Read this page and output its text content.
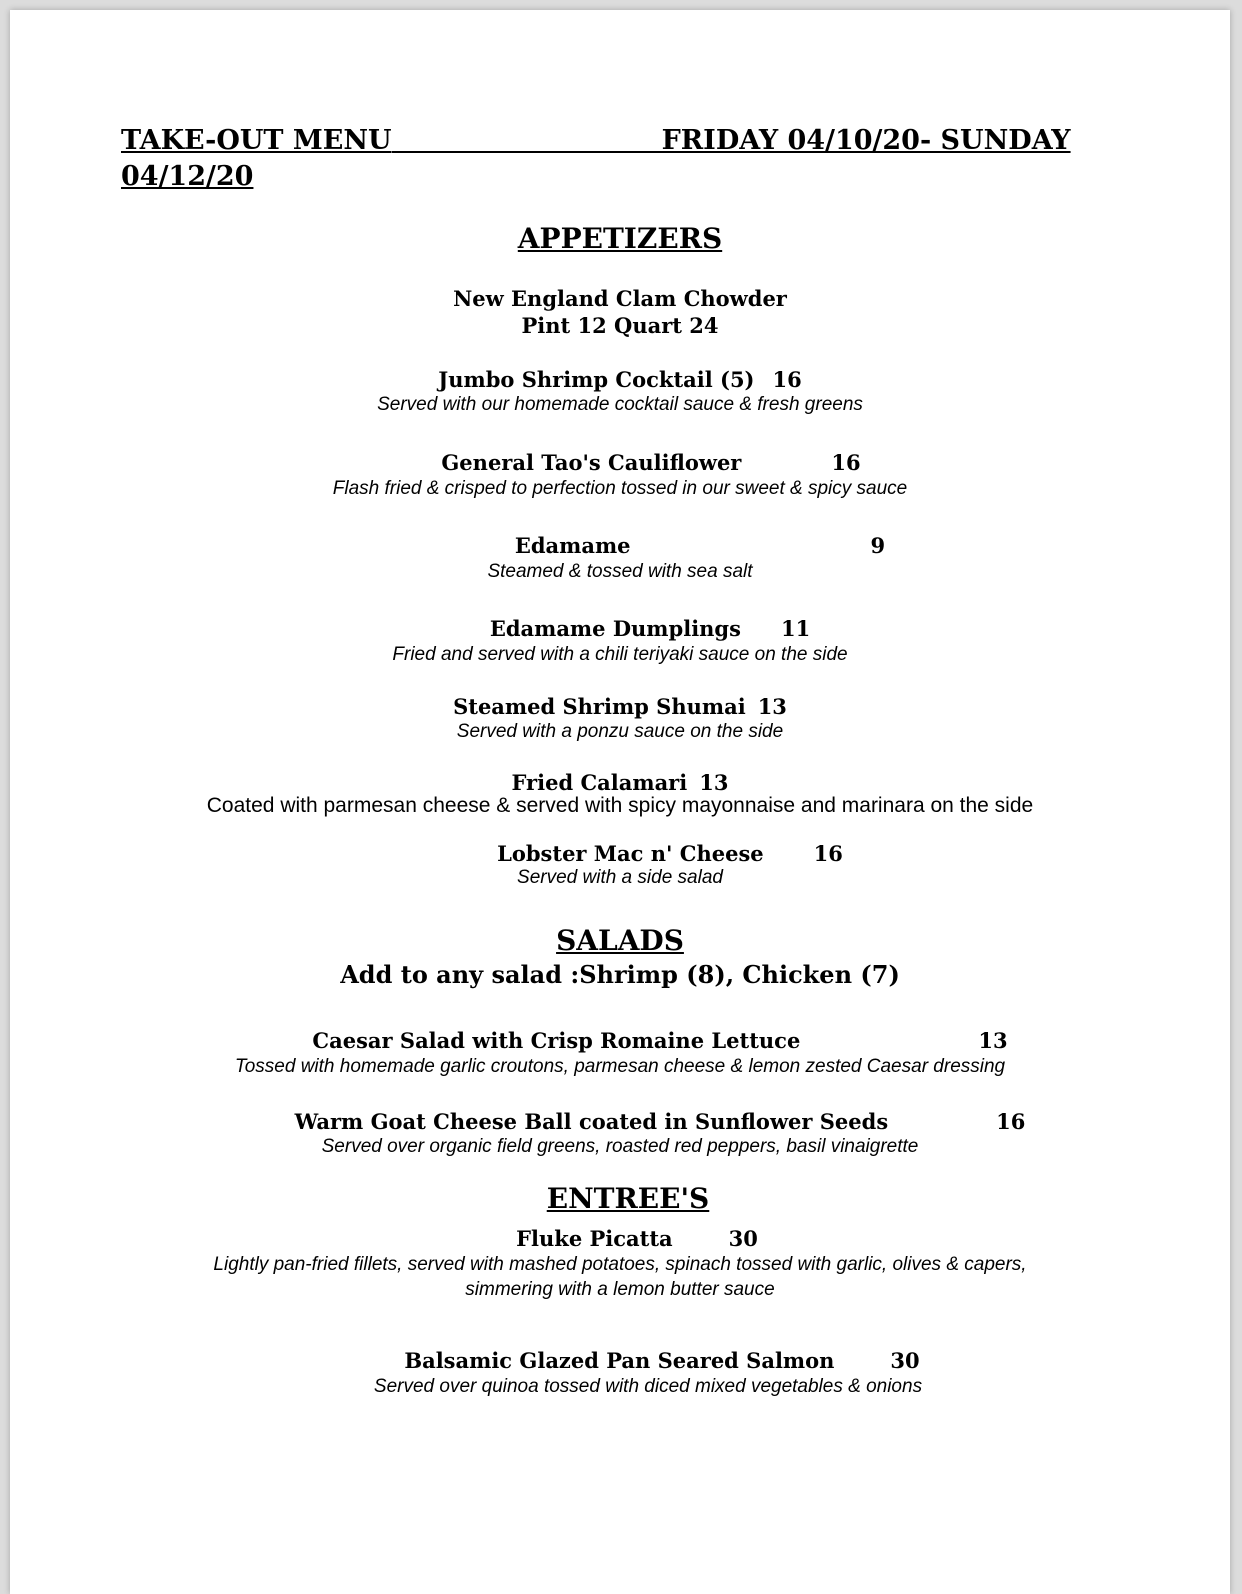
TAKE-OUT MENU	FRIDAY 04/10/20- SUNDAY
04/12/20
APPETIZERS
New England Clam Chowder
Pint 12 Quart 24
Jumbo Shrimp Cocktail (5) 16
Served with our homemade cocktail sauce & fresh greens
General Tao's Cauliflower	16
Flash fried & crisped to perfection tossed in our sweet & spicy sauce
Edamame	9
Steamed & tossed with sea salt
Edamame Dumplings 11
Fried and served with a chili teriyaki sauce on the side
Steamed Shrimp Shumai 13
Served with a ponzu sauce on the side
Fried Calamari 13
Coated with parmesan cheese & served with spicy mayonnaise and marinara on the side
Lobster Mac n' Cheese 16
Served with a side salad
SALADS
Add to any salad :Shrimp (8), Chicken (7)
Caesar Salad with Crisp Romaine Lettuce	13
Tossed with homemade garlic croutons, parmesan cheese & lemon zested Caesar dressing
Warm Goat Cheese Ball coated in Sunflower Seeds	16
Served over organic field greens, roasted red peppers, basil vinaigrette
ENTREE'S
Fluke Picatta	30
Lightly pan-fried fillets, served with mashed potatoes, spinach tossed with garlic, olives & capers,
simmering with a lemon butter sauce
Balsamic Glazed Pan Seared Salmon	30
Served over quinoa tossed with diced mixed vegetables & onions
